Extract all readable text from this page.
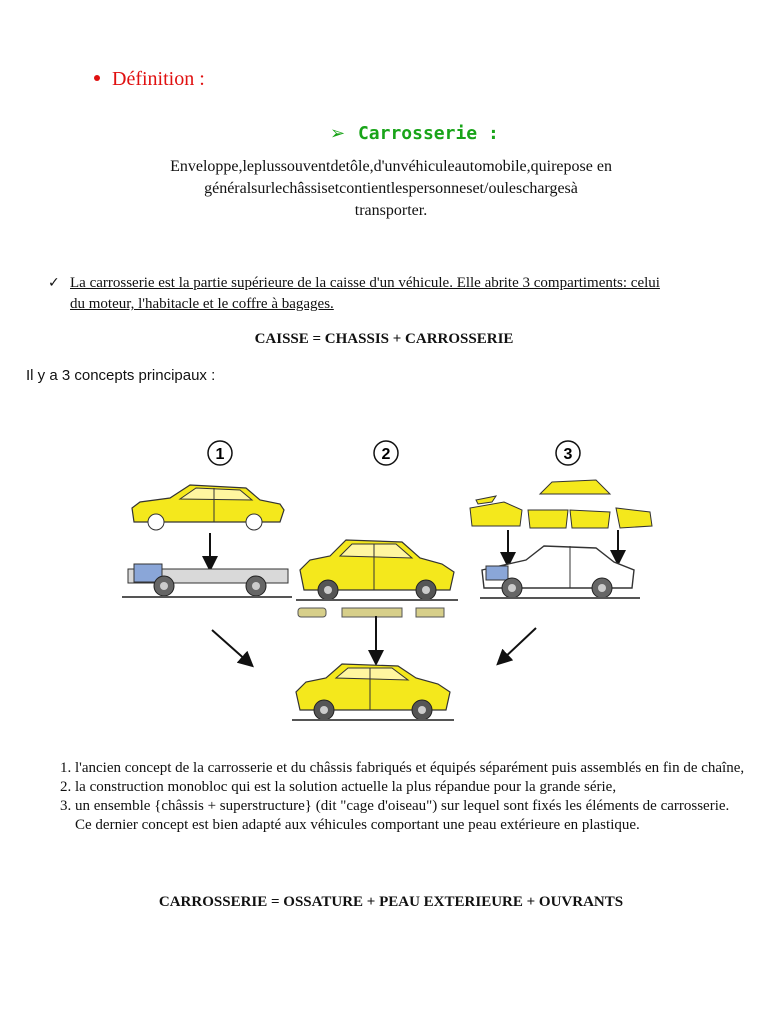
Définition :
➢ Carrosserie :
Enveloppe,leplussouventdetôle,d'unvéhiculeautomobile,quirepose en
généralsurlechâssisetcontientlespersonneset/ouleschargesà
transporter.
✓ La carrosserie est la partie supérieure de la caisse d'un véhicule. Elle abrite 3 compartiments: celui
du moteur, l'habitacle et le coffre à bagages.
CAISSE = CHASSIS + CARROSSERIE
Il y a 3 concepts principaux :
1	2	3
1. l'ancien concept de la carrosserie et du châssis fabriqués et équipés séparément puis assemblés en fin de chaîne,
2. la construction monobloc qui est la solution actuelle la plus répandue pour la grande série,
3. un ensemble {châssis + superstructure} (dit "cage d'oiseau") sur lequel sont fixés les éléments de carrosserie.
Ce dernier concept est bien adapté aux véhicules comportant une peau extérieure en plastique.
CARROSSERIE = OSSATURE + PEAU EXTERIEURE + OUVRANTS
